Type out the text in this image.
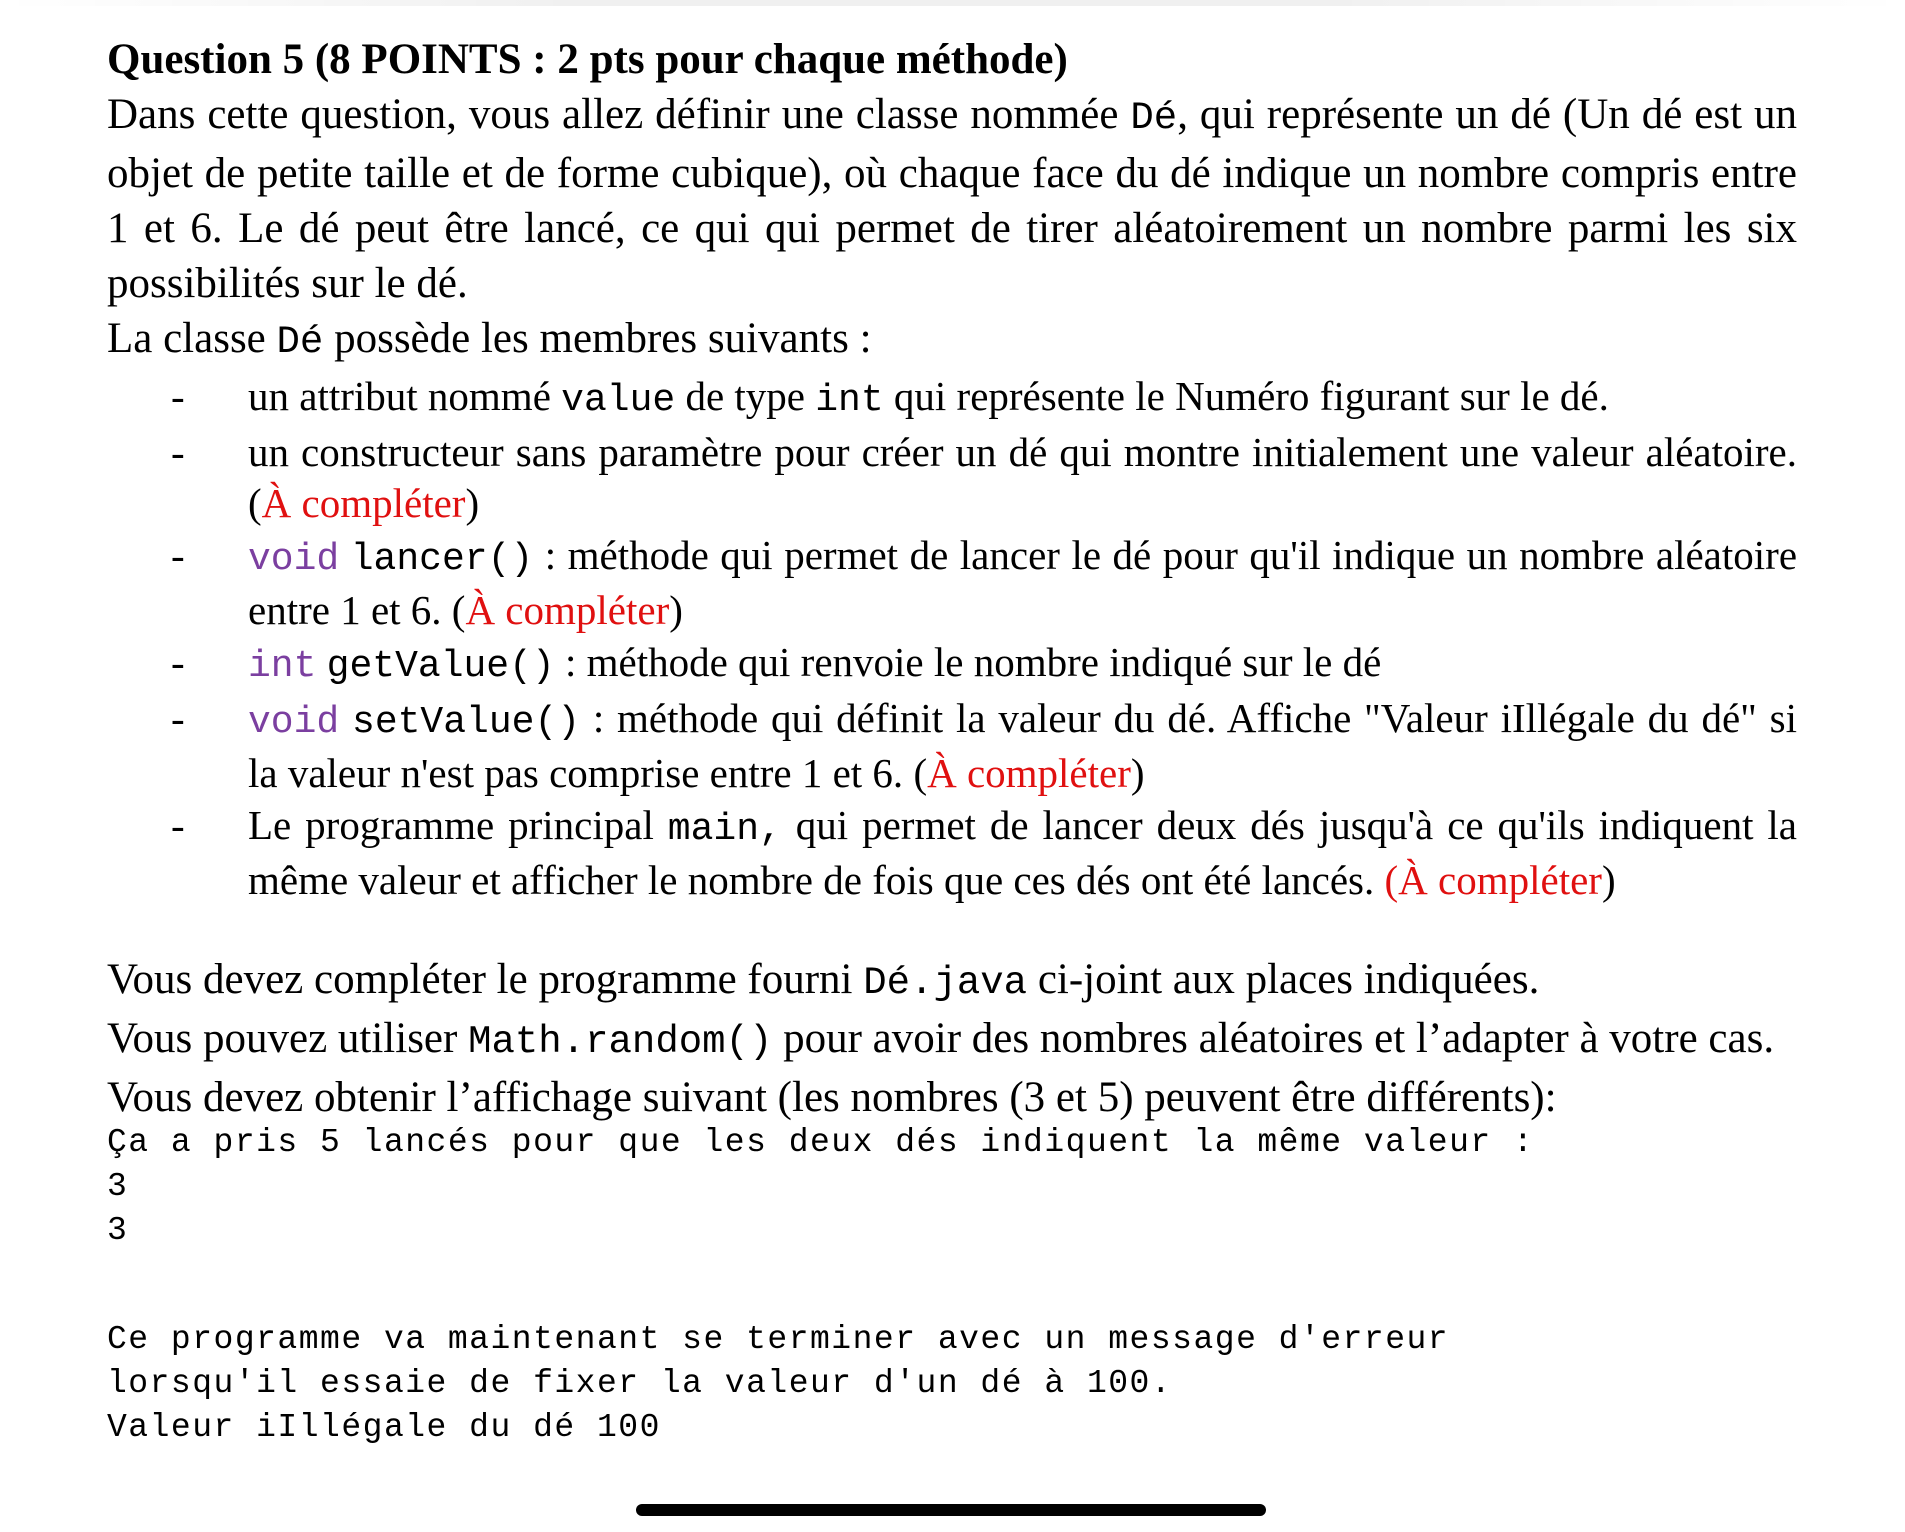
Question 5 (8 POINTS : 2 pts pour chaque méthode)

Dans cette question, vous allez définir une classe nommée Dé, qui représente un dé (Un dé est un objet de petite taille et de forme cubique), où chaque face du dé indique un nombre compris entre 1 et 6. Le dé peut être lancé, ce qui qui permet de tirer aléatoirement un nombre parmi les six possibilités sur le dé.

La classe Dé possède les membres suivants :

- un attribut nommé value de type int qui représente le Numéro figurant sur le dé.
- un constructeur sans paramètre pour créer un dé qui montre initialement une valeur aléatoire. (À compléter)
- void lancer() : méthode qui permet de lancer le dé pour qu'il indique un nombre aléatoire entre 1 et 6. (À compléter)
- int getValue() : méthode qui renvoie le nombre indiqué sur le dé
- void setValue() : méthode qui définit la valeur du dé. Affiche "Valeur iIllégale du dé" si la valeur n'est pas comprise entre 1 et 6. (À compléter)
- Le programme principal main, qui permet de lancer deux dés jusqu'à ce qu'ils indiquent la même valeur et afficher le nombre de fois que ces dés ont été lancés. (À compléter)

Vous devez compléter le programme fourni Dé.java ci-joint aux places indiquées.

Vous pouvez utiliser Math.random() pour avoir des nombres aléatoires et l’adapter à votre cas.

Vous devez obtenir l’affichage suivant (les nombres (3 et 5) peuvent être différents):

Ça a pris 5 lancés pour que les deux dés indiquent la même valeur :

3

3

Ce programme va maintenant se terminer avec un message d'erreur

lorsqu'il essaie de fixer la valeur d'un dé à 100.

Valeur iIllégale du dé 100
